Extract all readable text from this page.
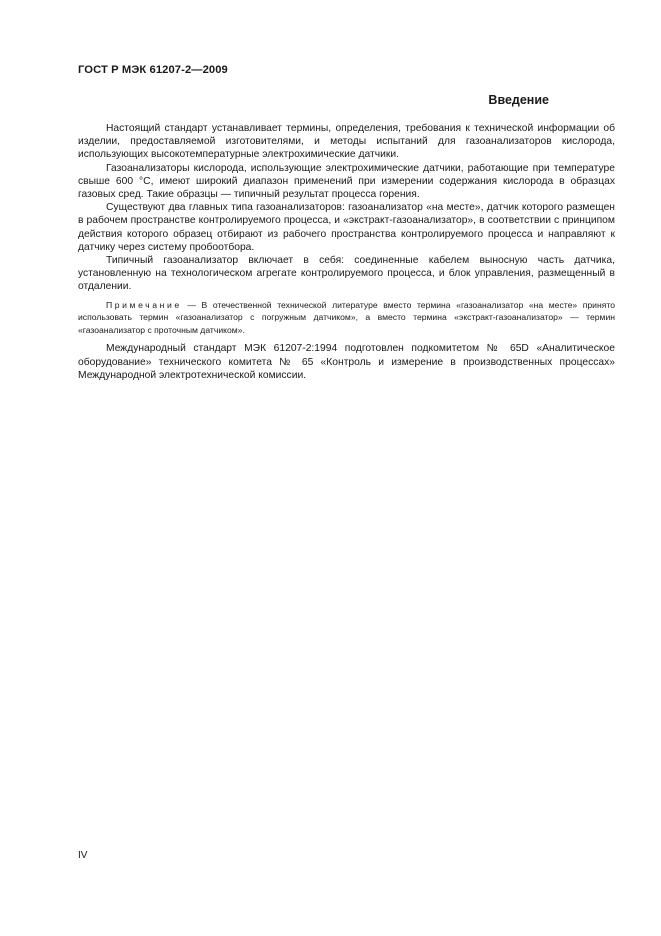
ГОСТ Р МЭК 61207-2—2009
Введение

Настоящий стандарт устанавливает термины, определения, требования к технической информации об изделии, предоставляемой изготовителями, и методы испытаний для газоанализаторов кислорода, использующих высокотемпературные электрохимические датчики.

Газоанализаторы кислорода, использующие электрохимические датчики, работающие при температуре свыше 600 °С, имеют широкий диапазон применений при измерении содержания кислорода в образцах газовых сред. Такие образцы — типичный результат процесса горения.

Существуют два главных типа газоанализаторов: газоанализатор «на месте», датчик которого размещен в рабочем пространстве контролируемого процесса, и «экстракт-газоанализатор», в соответствии с принципом действия которого образец отбирают из рабочего пространства контролируемого процесса и направляют к датчику через систему пробоотбора.

Типичный газоанализатор включает в себя: соединенные кабелем выносную часть датчика, установленную на технологическом агрегате контролируемого процесса, и блок управления, размещенный в отдалении.

Примечание — В отечественной технической литературе вместо термина «газоанализатор «на месте» принято использовать термин «газоанализатор с погружным датчиком», а вместо термина «экстракт-газоанализатор» — термин «газоанализатор с проточным датчиком».

Международный стандарт МЭК 61207-2:1994 подготовлен подкомитетом № 65D «Аналитическое оборудование» технического комитета № 65 «Контроль и измерение в производственных процессах» Международной электротехнической комиссии.

IV
